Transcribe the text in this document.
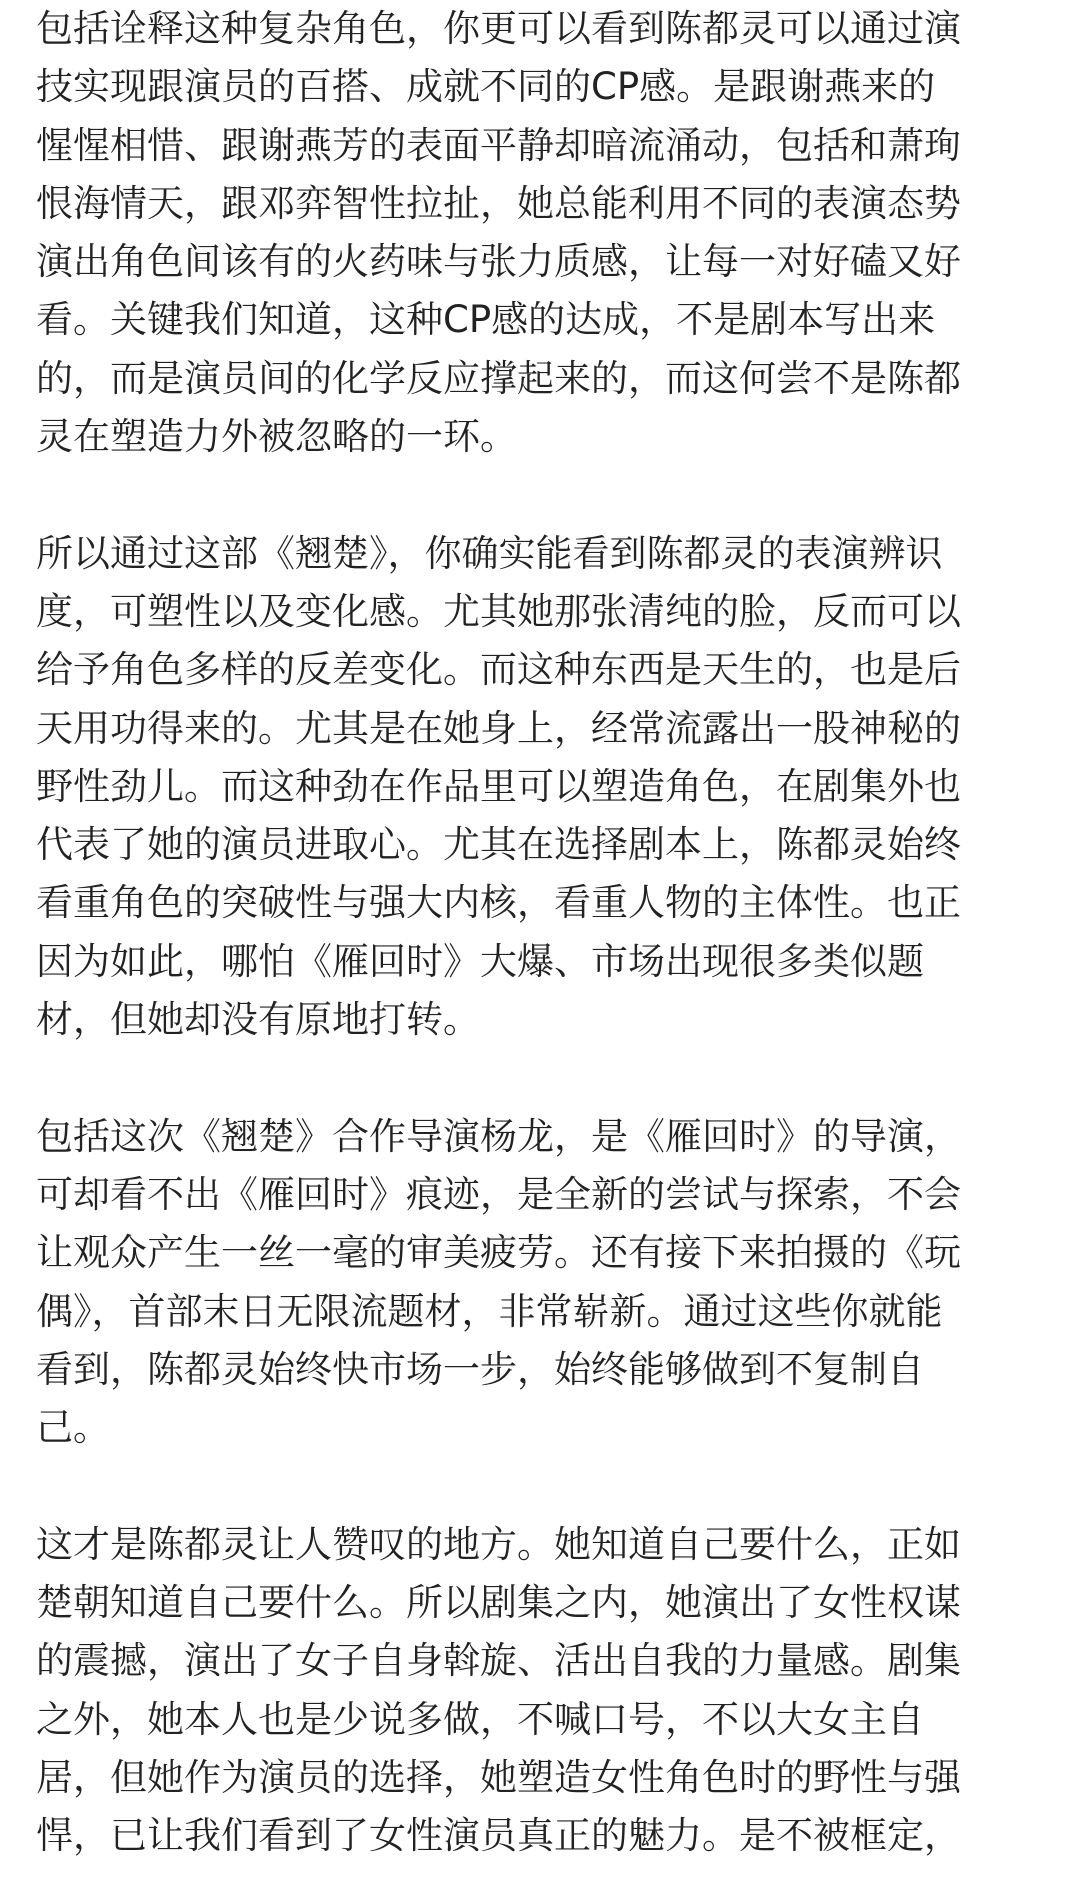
包括诠释这种复杂角色，你更可以看到陈都灵可以通过演
技实现跟演员的百搭、成就不同的CP感。是跟谢燕来的
惺惺相惜、跟谢燕芳的表面平静却暗流涌动，包括和萧珣
恨海情天，跟邓弈智性拉扯，她总能利用不同的表演态势
演出角色间该有的火药味与张力质感，让每一对好磕又好
看。关键我们知道，这种CP感的达成，不是剧本写出来
的，而是演员间的化学反应撑起来的，而这何尝不是陈都
灵在塑造力外被忽略的一环。
所以通过这部《翘楚》，你确实能看到陈都灵的表演辨识
度，可塑性以及变化感。尤其她那张清纯的脸，反而可以
给予角色多样的反差变化。而这种东西是天生的，也是后
天用功得来的。尤其是在她身上，经常流露出一股神秘的
野性劲儿。而这种劲在作品里可以塑造角色，在剧集外也
代表了她的演员进取心。尤其在选择剧本上，陈都灵始终
看重角色的突破性与强大内核，看重人物的主体性。也正
因为如此，哪怕《雁回时》大爆、市场出现很多类似题
材，但她却没有原地打转。
包括这次《翘楚》合作导演杨龙，是《雁回时》的导演，
可却看不出《雁回时》痕迹，是全新的尝试与探索，不会
让观众产生一丝一毫的审美疲劳。还有接下来拍摄的《玩
偶》，首部末日无限流题材，非常崭新。通过这些你就能
看到，陈都灵始终快市场一步，始终能够做到不复制自
己。
这才是陈都灵让人赞叹的地方。她知道自己要什么，正如
楚朝知道自己要什么。所以剧集之内，她演出了女性权谋
的震撼，演出了女子自身斡旋、活出自我的力量感。剧集
之外，她本人也是少说多做，不喊口号，不以大女主自
居，但她作为演员的选择，她塑造女性角色时的野性与强
悍，已让我们看到了女性演员真正的魅力。是不被框定，
